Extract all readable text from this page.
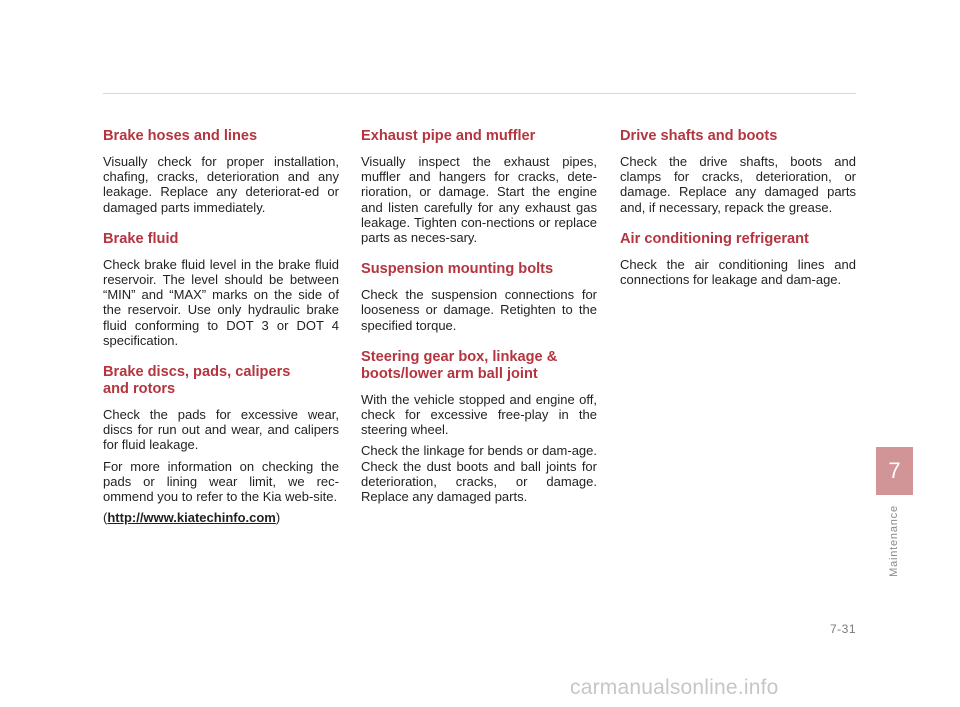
Brake hoses and lines

Visually check for proper installation, chafing, cracks, deterioration and any leakage. Replace any deteriorat-ed or damaged parts immediately.

Brake fluid

Check brake fluid level in the brake fluid reservoir. The level should be between “MIN” and “MAX” marks on the side of the reservoir. Use only hydraulic brake fluid conforming to DOT 3 or DOT 4 specification.

Brake discs, pads, calipers
and rotors

Check the pads for excessive wear, discs for run out and wear, and calipers for fluid leakage.

For more information on checking the pads or lining wear limit, we rec-ommend you to refer to the Kia web-site.

(http://www.kiatechinfo.com)

Exhaust pipe and muffler

Visually inspect the exhaust pipes, muffler and hangers for cracks, dete-rioration, or damage. Start the engine and listen carefully for any exhaust gas leakage. Tighten con-nections or replace parts as neces-sary.

Suspension mounting bolts

Check the suspension connections for looseness or damage. Retighten to the specified torque.

Steering gear box, linkage &
boots/lower arm ball joint

With the vehicle stopped and engine off, check for excessive free-play in the steering wheel.

Check the linkage for bends or dam-age. Check the dust boots and ball joints for deterioration, cracks, or damage. Replace any damaged parts.

Drive shafts and boots

Check the drive shafts, boots and clamps for cracks, deterioration, or damage. Replace any damaged parts and, if necessary, repack the grease.

Air conditioning refrigerant

Check the air conditioning lines and connections for leakage and dam-age.

7
Maintenance
7-31
carmanualsonline.info
